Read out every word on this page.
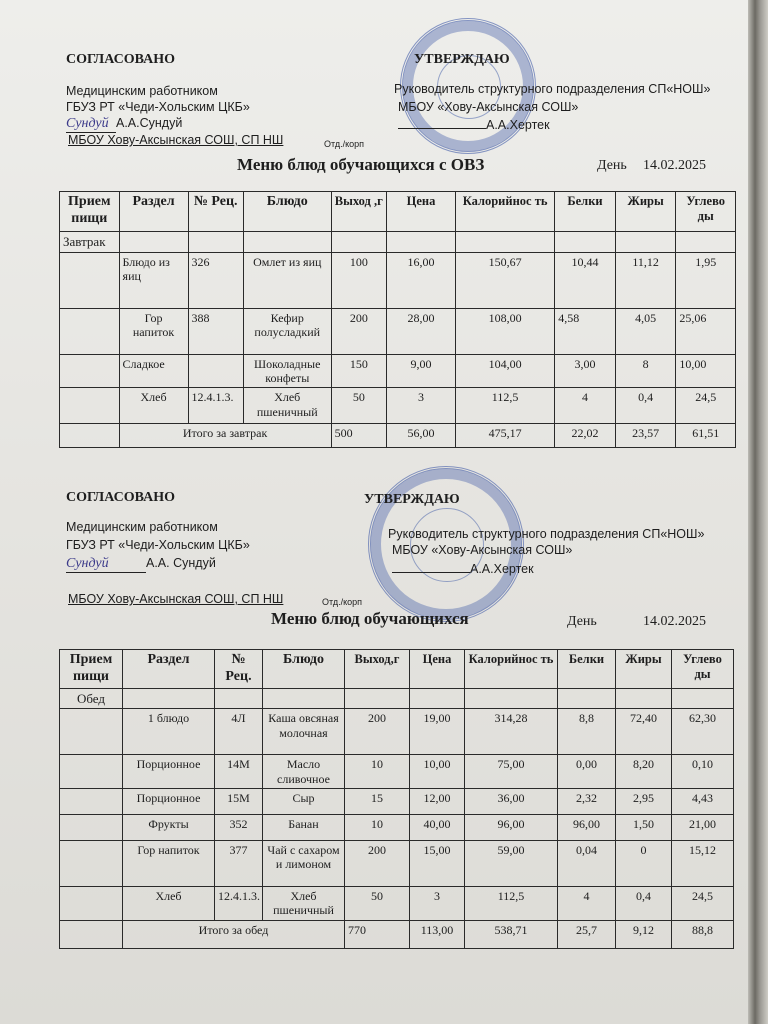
СОГЛАСОВАНО
Медицинским работником
ГБУЗ РТ «Чеди-Хольским ЦКБ»
Сундуй А.А.Сундуй
МБОУ Хову-Аксынская СОШ, СП НШ	Отд./корп
УТВЕРЖДАЮ
Руководитель структурного подразделения СП«НОШ»
МБОУ «Хову-Аксынская СОШ»
А.А.Хертек
Меню блюд обучающихся с ОВЗ	День 14.02.2025
Прием пищи	Раздел	№ Рец.	Блюдо	Выход ,г	Цена	Калорийнос ть	Белки	Жиры	Углево ды
Завтрак									
	Блюдо из яиц	326	Омлет из яиц	100	16,00	150,67	10,44	11,12	1,95
	Гор напиток	388	Кефир полусладкий	200	28,00	108,00	4,58	4,05	25,06
	Сладкое		Шоколадные конфеты	150	9,00	104,00	3,00	8	10,00
	Хлеб	12.4.1.3.	Хлеб пшеничный	50	3	112,5	4	0,4	24,5
	Итого за завтрак			500	56,00	475,17	22,02	23,57	61,51
СОГЛАСОВАНО
Медицинским работником
ГБУЗ РТ «Чеди-Хольским ЦКБ»
Сундуй	А.А. Сундуй
МБОУ Хову-Аксынская СОШ, СП НШ	Отд./корп
УТВЕРЖДАЮ
Руководитель структурного подразделения СП«НОШ»
МБОУ «Хову-Аксынская СОШ»
А.А.Хертек
Меню блюд обучающихся	День	14.02.2025
Прием пищи	Раздел	№ Рец.	Блюдо	Выход,г	Цена	Калорийнос ть	Белки	Жиры	Углево ды
Обед									
	1 блюдо	4Л	Каша овсяная молочная	200	19,00	314,28	8,8	72,40	62,30
	Порционное	14М	Масло сливочное	10	10,00	75,00	0,00	8,20	0,10
	Порционное	15М	Сыр	15	12,00	36,00	2,32	2,95	4,43
	Фрукты	352	Банан	10	40,00	96,00	96,00	1,50	21,00
	Гор напиток	377	Чай с сахаром и лимоном	200	15,00	59,00	0,04	0	15,12
	Хлеб	12.4.1.3.	Хлеб пшеничный	50	3	112,5	4	0,4	24,5
	Итого за обед			770	113,00	538,71	25,7	9,12	88,8
